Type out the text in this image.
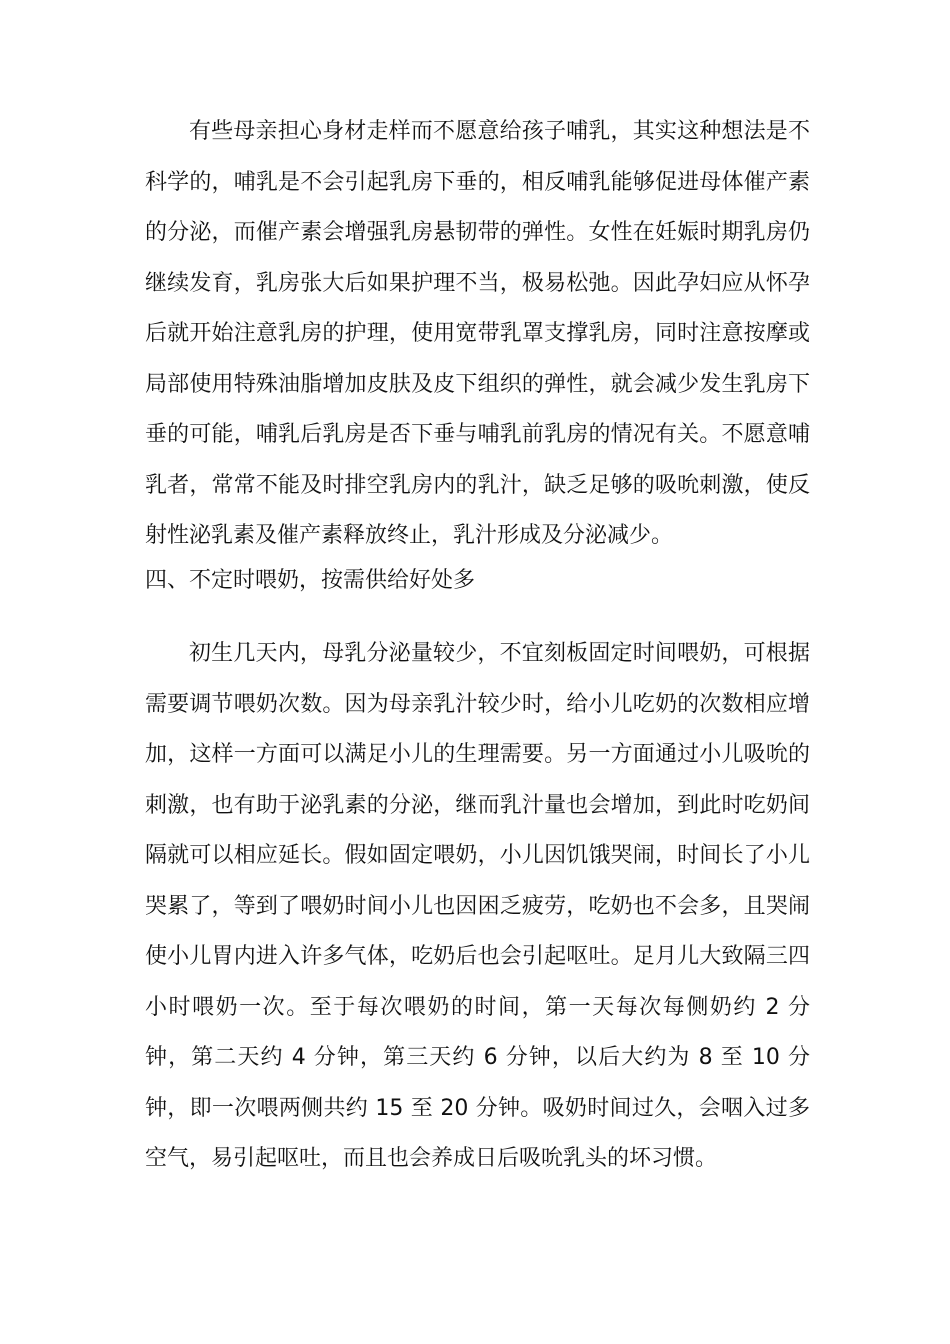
有些母亲担心身材走样而不愿意给孩子哺乳，其实这种想法是不科学的，哺乳是不会引起乳房下垂的，相反哺乳能够促进母体催产素的分泌，而催产素会增强乳房悬韧带的弹性。女性在妊娠时期乳房仍继续发育，乳房张大后如果护理不当，极易松弛。因此孕妇应从怀孕后就开始注意乳房的护理，使用宽带乳罩支撑乳房，同时注意按摩或局部使用特殊油脂增加皮肤及皮下组织的弹性，就会减少发生乳房下垂的可能，哺乳后乳房是否下垂与哺乳前乳房的情况有关。不愿意哺乳者，常常不能及时排空乳房内的乳汁，缺乏足够的吸吮刺激，使反射性泌乳素及催产素释放终止，乳汁形成及分泌减少。

四、不定时喂奶，按需供给好处多

初生几天内，母乳分泌量较少，不宜刻板固定时间喂奶，可根据需要调节喂奶次数。因为母亲乳汁较少时，给小儿吃奶的次数相应增加，这样一方面可以满足小儿的生理需要。另一方面通过小儿吸吮的刺激，也有助于泌乳素的分泌，继而乳汁量也会增加，到此时吃奶间隔就可以相应延长。假如固定喂奶，小儿因饥饿哭闹，时间长了小儿哭累了，等到了喂奶时间小儿也因困乏疲劳，吃奶也不会多，且哭闹使小儿胃内进入许多气体，吃奶后也会引起呕吐。足月儿大致隔三四小时喂奶一次。至于每次喂奶的时间，第一天每次每侧奶约 2 分钟，第二天约 4 分钟，第三天约 6 分钟，以后大约为 8 至 10 分钟，即一次喂两侧共约 15 至 20 分钟。吸奶时间过久，会咽入过多空气，易引起呕吐，而且也会养成日后吸吮乳头的坏习惯。
